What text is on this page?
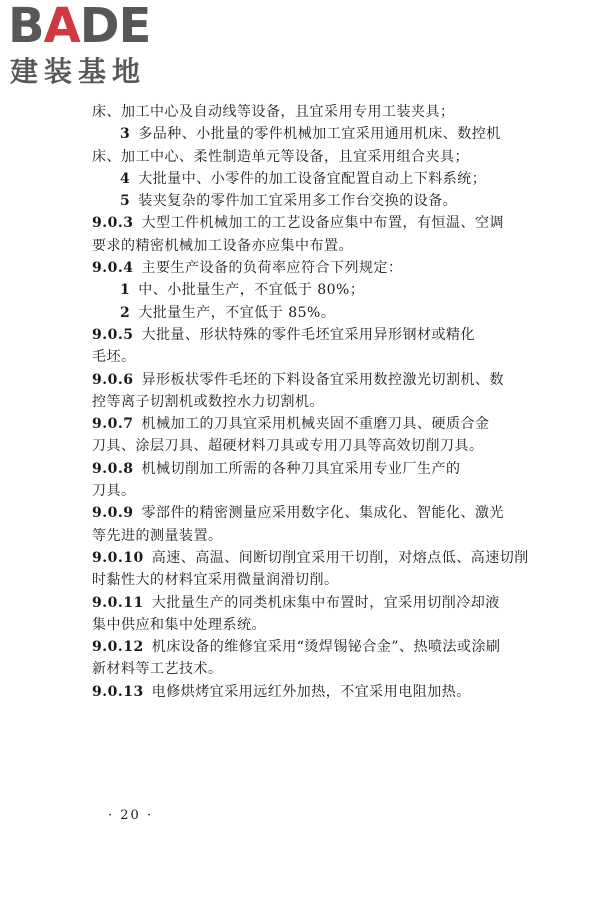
BADE
建装基地
床、加工中心及自动线等设备，且宜采用专用工装夹具；
3 多品种、小批量的零件机械加工宜采用通用机床、数控机
床、加工中心、柔性制造单元等设备，且宜采用组合夹具；
4 大批量中、小零件的加工设备宜配置自动上下料系统；
5 装夹复杂的零件加工宜采用多工作台交换的设备。
9.0.3 大型工件机械加工的工艺设备应集中布置，有恒温、空调
要求的精密机械加工设备亦应集中布置。
9.0.4 主要生产设备的负荷率应符合下列规定：
1 中、小批量生产，不宜低于 80%；
2 大批量生产，不宜低于 85%。
9.0.5 大批量、形状特殊的零件毛坯宜采用异形钢材或精化
毛坯。
9.0.6 异形板状零件毛坯的下料设备宜采用数控激光切割机、数
控等离子切割机或数控水力切割机。
9.0.7 机械加工的刀具宜采用机械夹固不重磨刀具、硬质合金
刀具、涂层刀具、超硬材料刀具或专用刀具等高效切削刀具。
9.0.8 机械切削加工所需的各种刀具宜采用专业厂生产的
刀具。
9.0.9 零部件的精密测量应采用数字化、集成化、智能化、激光
等先进的测量装置。
9.0.10 高速、高温、间断切削宜采用干切削，对熔点低、高速切削
时黏性大的材料宜采用微量润滑切削。
9.0.11 大批量生产的同类机床集中布置时，宜采用切削冷却液
集中供应和集中处理系统。
9.0.12 机床设备的维修宜采用“烫焊锡铋合金”、热喷法或涂刷
新材料等工艺技术。
9.0.13 电修烘烤宜采用远红外加热，不宜采用电阻加热。
· 20 ·
